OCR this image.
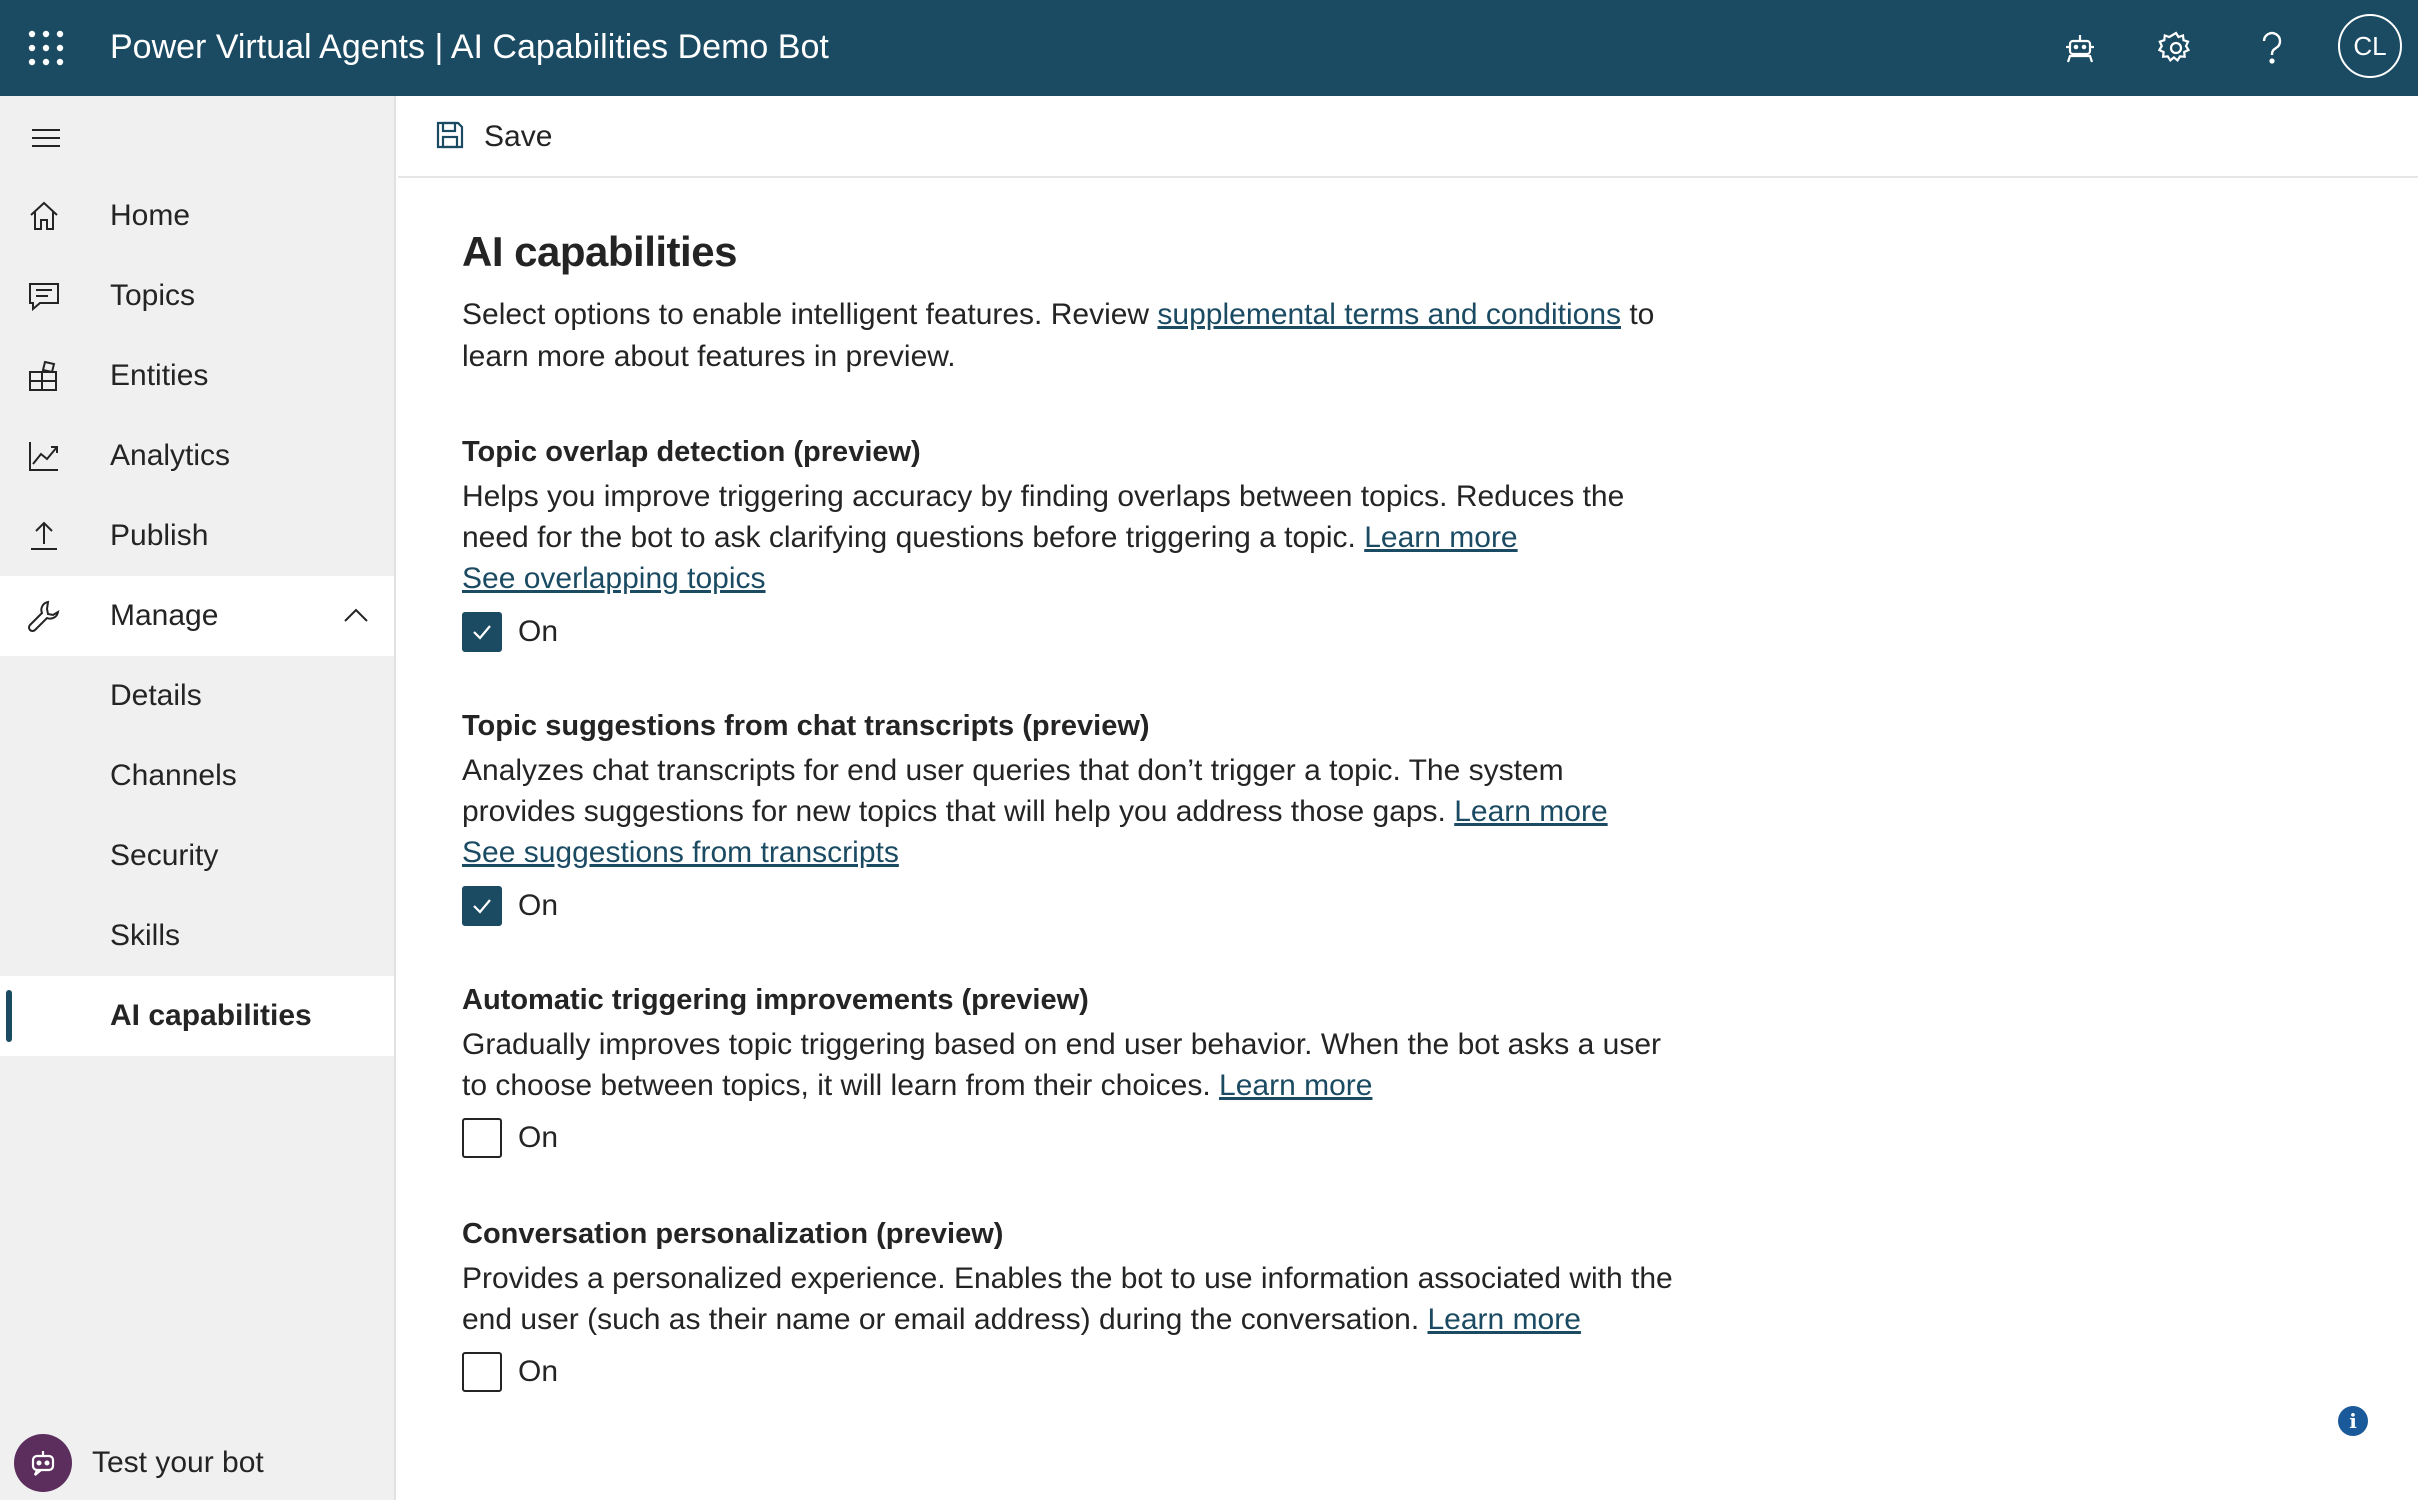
Power Virtual Agents | AI Capabilities Demo Bot	CL
Home
Topics
Entities
Analytics
Publish
Manage
Details
Channels
Security
Skills
AI capabilities
Test your bot
Save
AI capabilities
Select options to enable intelligent features. Review supplemental terms and conditions to learn more about features in preview.
Topic overlap detection (preview)
Helps you improve triggering accuracy by finding overlaps between topics. Reduces the need for the bot to ask clarifying questions before triggering a topic. Learn more
See overlapping topics
On
Topic suggestions from chat transcripts (preview)
Analyzes chat transcripts for end user queries that don’t trigger a topic. The system provides suggestions for new topics that will help you address those gaps. Learn more
See suggestions from transcripts
On
Automatic triggering improvements (preview)
Gradually improves topic triggering based on end user behavior. When the bot asks a user to choose between topics, it will learn from their choices. Learn more
On
Conversation personalization (preview)
Provides a personalized experience. Enables the bot to use information associated with the end user (such as their name or email address) during the conversation. Learn more
On
i
